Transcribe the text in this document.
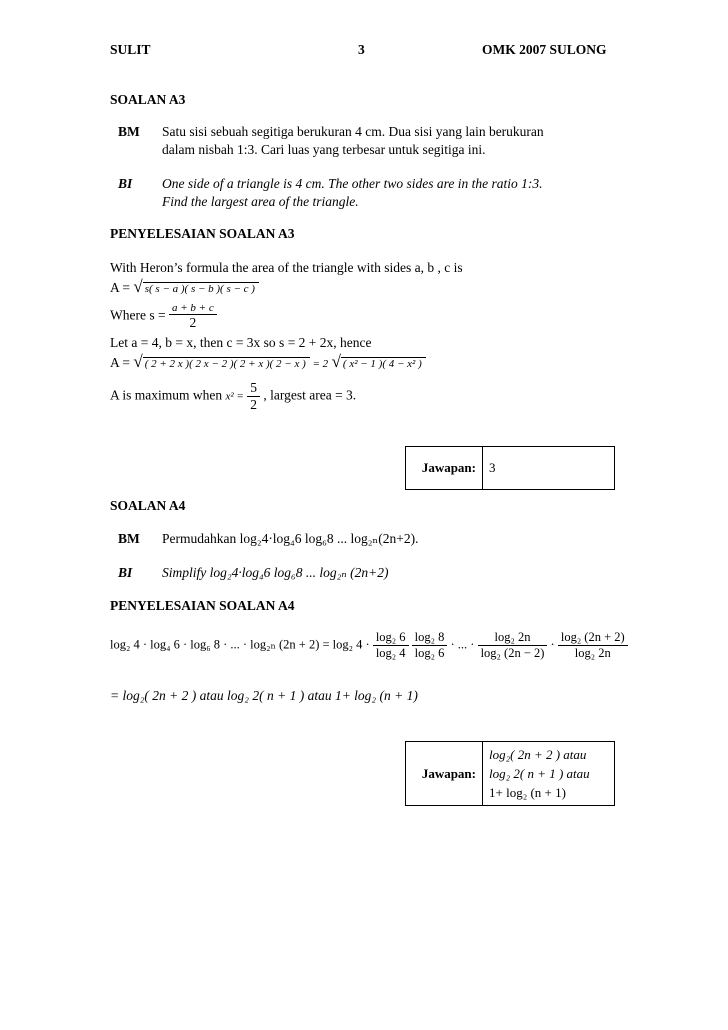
SULIT	3	OMK 2007 SULONG
SOALAN A3
BM Satu sisi sebuah segitiga berukuran 4 cm. Dua sisi yang lain berukuran
dalam nisbah 1:3. Cari luas yang terbesar untuk segitiga ini.
BI One side of a triangle is 4 cm. The other two sides are in the ratio 1:3.
Find the largest area of the triangle.
PENYELESAIAN SOALAN A3
With Heron’s formula the area of the triangle with sides a, b , c is
A = √ s( s − a )( s − b )( s − c )
Where $s = \frac{a + b + c}{2}$
Let a = 4, b = x, then c = 3x so s = 2 + 2x, hence
A = √ ( 2 + 2 x )( 2 x − 2 )( 2 + x )( 2 − x ) = 2 √ ( x² − 1 )( 4 − x² )
A is maximum when $x^2 = \frac{5}{2}$ , largest area = 3.
Jawapan:	3
SOALAN A4
BM Permudahkan log₂4·log₄6 log₆8 ... log₂ₙ(2n+2).
BI Simplify log₂4·log₄6 log₆8 ... log₂ₙ (2n+2)
PENYELESAIAN SOALAN A4
log₂ 4 · log₄ 6 · log₆ 8 · ... · log₂ₙ (2n + 2) = log₂ $4 \cdot \frac{\text{log₂ 6}}{\text{log₂ 4}}$
$\frac{\text{log₂ 8}}{\text{log₂ 6}}$ · ... · $\frac{\text{log₂ 2n}}{\text{log₂ (2n − 2)}} \cdot \frac{\text{log₂ (2n + 2)}}{\text{log₂ 2n}}$
= log₂( 2n + 2 ) atau log₂ 2( n + 1 ) atau 1+ log₂ (n + 1)
Jawapan:	
log₂( 2n + 2 ) atau
log₂ 2( n + 1 ) atau
1+ log₂ (n + 1)
